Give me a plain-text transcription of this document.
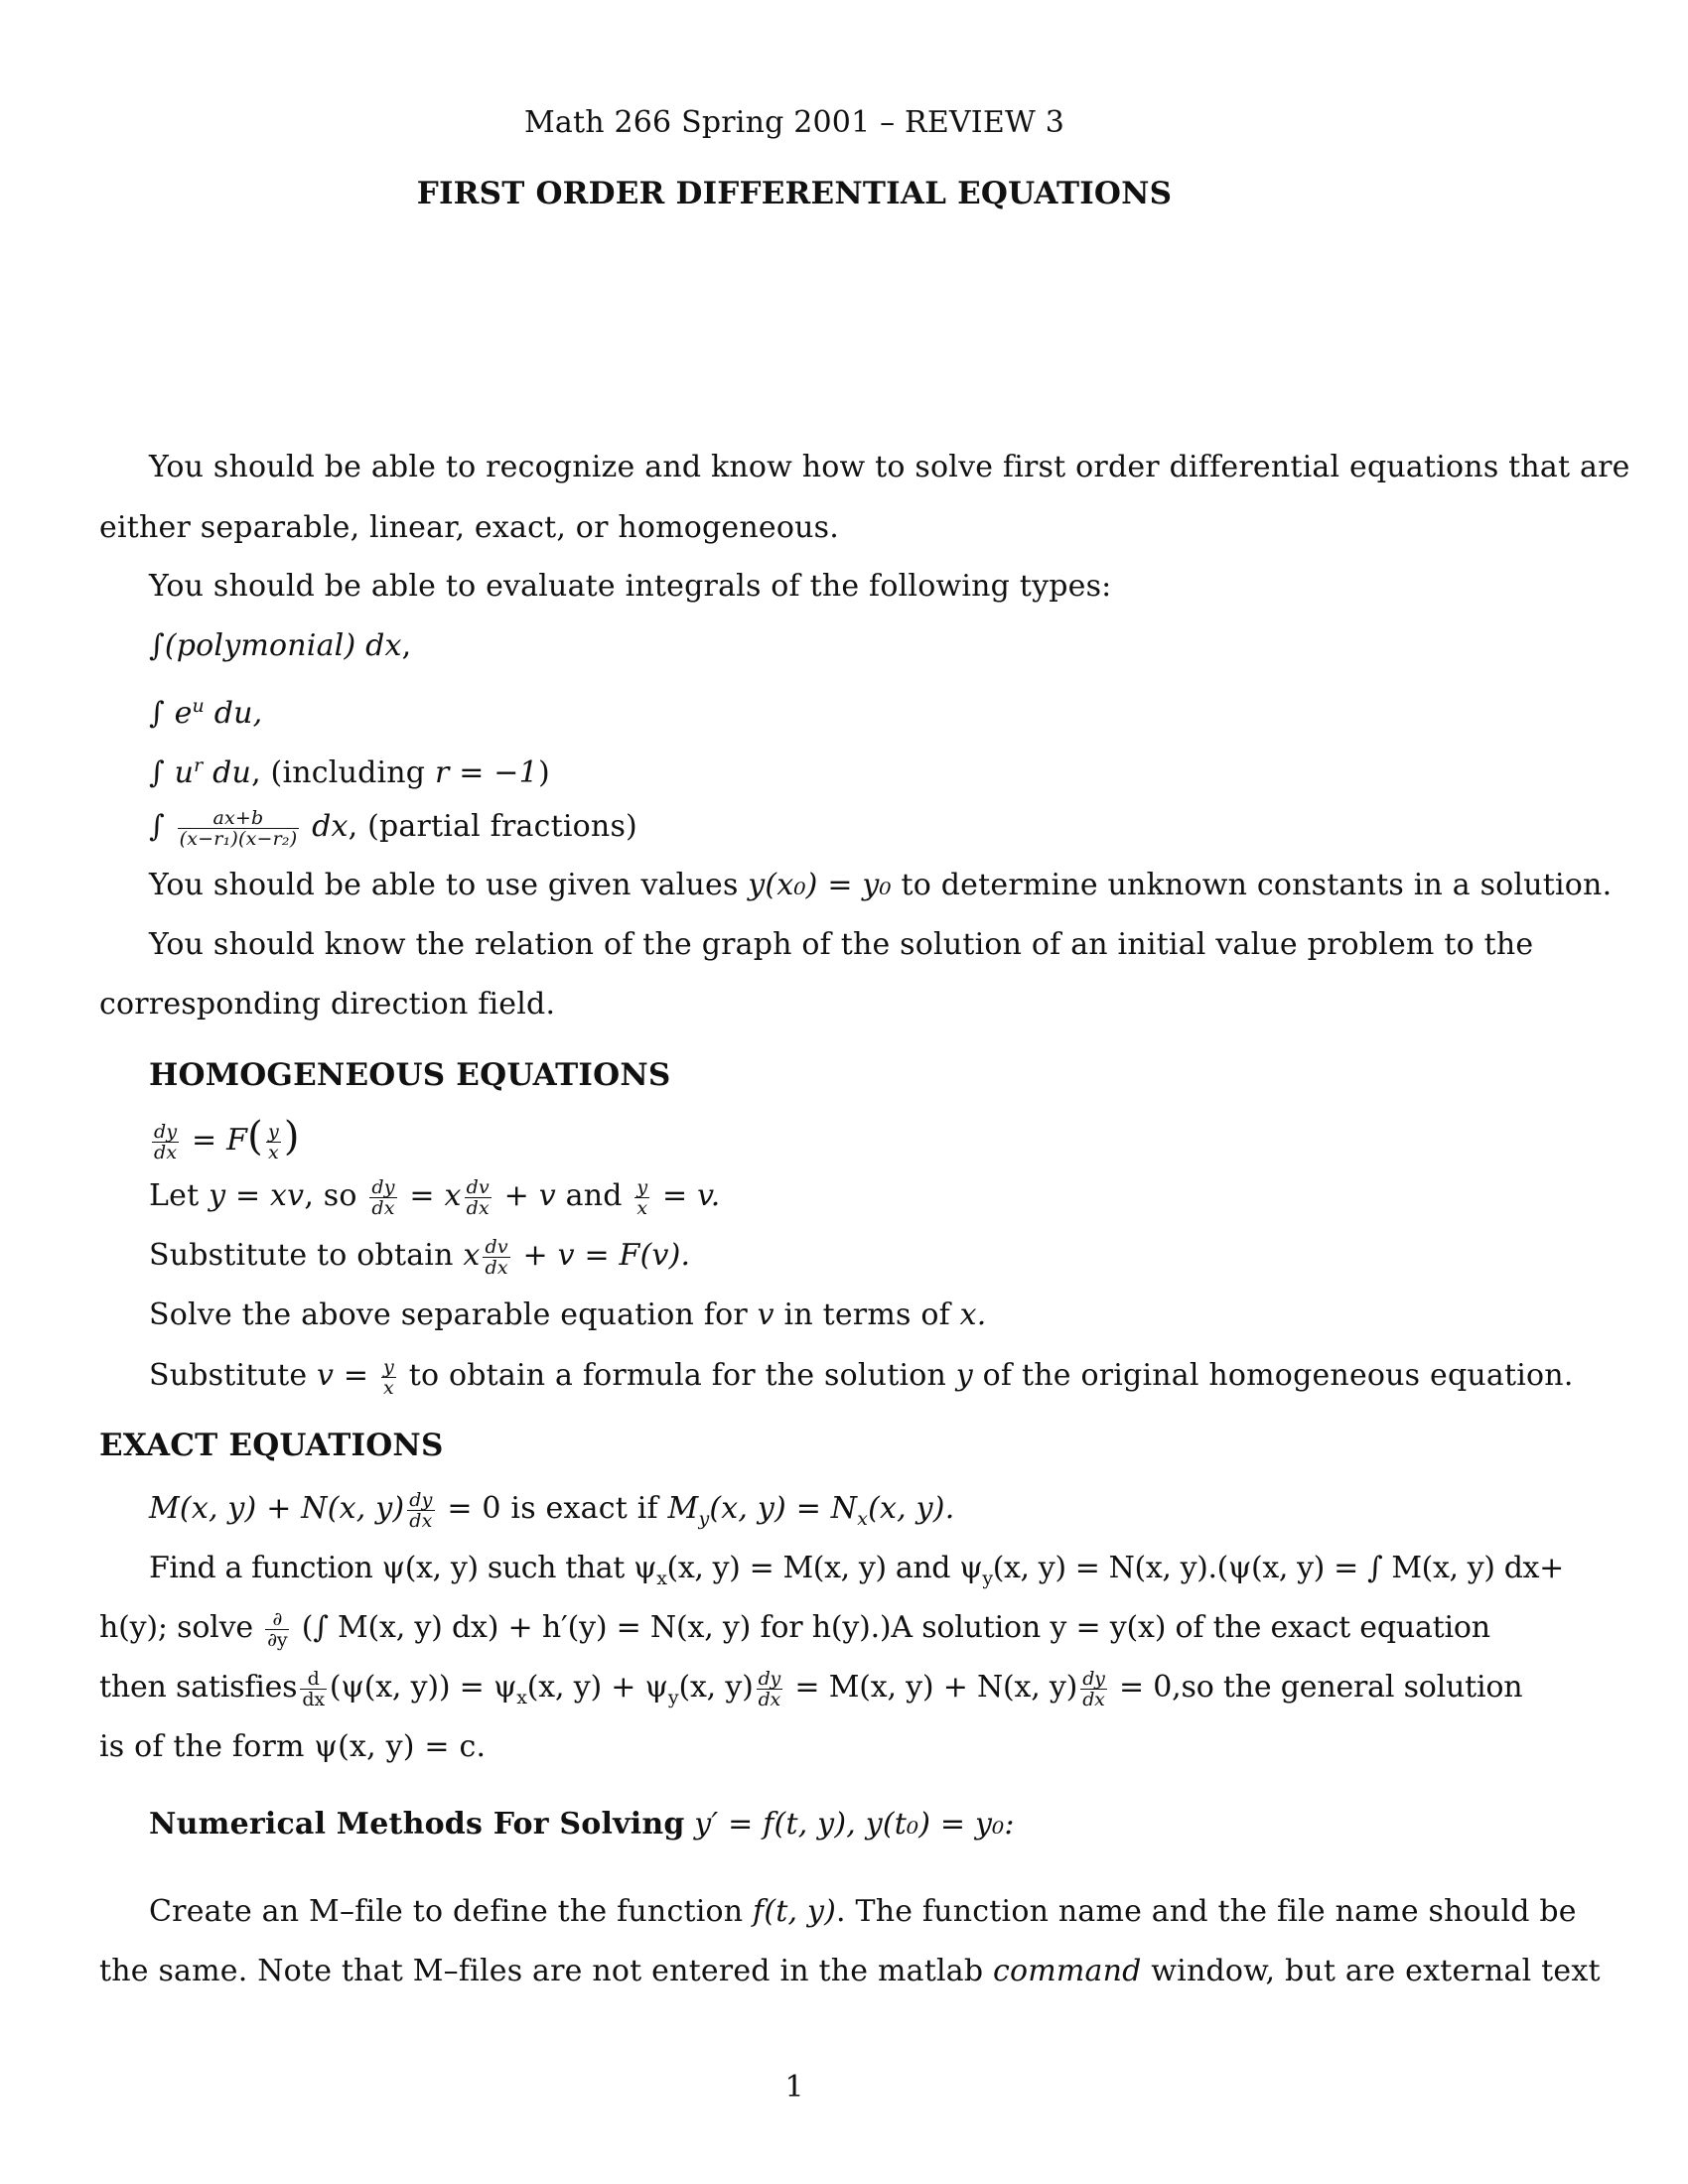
Math 266 Spring 2001 – REVIEW 3
FIRST ORDER DIFFERENTIAL EQUATIONS
You should be able to recognize and know how to solve first order differential equations that are
either separable, linear, exact, or homogeneous.
You should be able to evaluate integrals of the following types:
∫(polymonial) dx,
∫ $e^u$ du,
∫ $u^r$ du, (including r = −1)
∫ $\frac{ax+b}{\text{(x−r₁)(x−r₂)}}$ dx, (partial fractions)
You should be able to use given values y(x₀) = y₀ to determine unknown constants in a solution.
You should know the relation of the graph of the solution of an initial value problem to the
corresponding direction field.
HOMOGENEOUS EQUATIONS
$\frac{dy}{dx} = F( \frac{y}{x}$ )
Let y = xv, so $\frac{dy}{dx} = x \frac{dv}{dx} + v$ and $\frac{y}{x} = v$.
Substitute to obtain x $\frac{dv}{dx} + v = F(v)$.
Solve the above separable equation for v in terms of x.
Substitute $v = \frac{y}{x}$ to obtain a formula for the solution y of the original homogeneous equation.
EXACT EQUATIONS
M(x, y) + N(x, $y) \frac{dy}{dx} = 0$ is exact if $M_y(x$, $y) = N_x(x$, y).
Find a function ψ(x, y) such that $\psi_x(x$, y) = M(x, y) and $\psi_y(x$, y) = N(x, y).(ψ(x, y) = ∫ M(x, y) dx+
h(y); solve $\frac{\partial}{\partial y}$ (∫ M(x, y) dx) + h′(y) = N(x, y) for h(y).)A solution y = y(x) of the exact equation
then satisfies $\frac{d}{dx} (\psi(x$, $y)) = \psi_x(x$, $y) + \psi_y(x$, $y) \frac{dy}{dx} = M(x$, y) + N(x, $y) \frac{dy}{dx} = 0,so$ the general solution
is of the form ψ(x, y) = c.
Numerical Methods For Solving y′ = f(t, y), y(t₀) = y₀:
Create an M–file to define the function f(t, y). The function name and the file name should be
the same. Note that M–files are not entered in the matlab command window, but are external text
1
